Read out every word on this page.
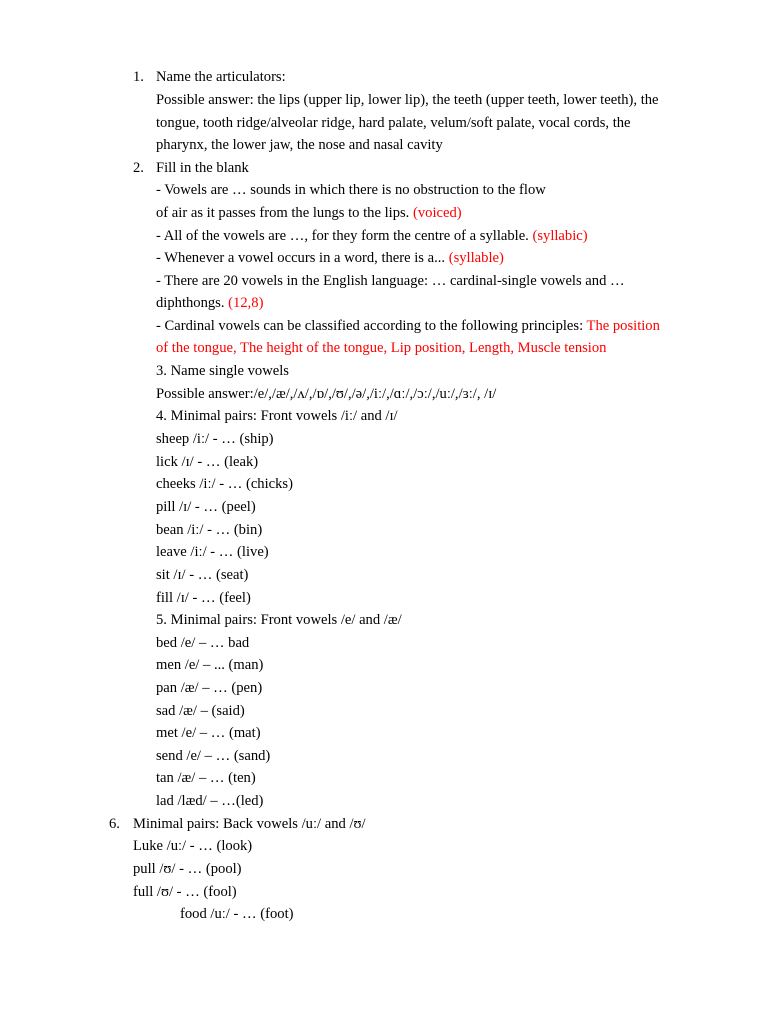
1. Name the articulators:
Possible answer: the lips (upper lip, lower lip), the teeth (upper teeth, lower teeth), the
tongue, tooth ridge/alveolar ridge, hard palate, velum/soft palate, vocal cords, the
pharynx, the lower jaw, the nose and nasal cavity
2. Fill in the blank
- Vowels are … sounds in which there is no obstruction to the flow
of air as it passes from the lungs to the lips. (voiced)
- All of the vowels are …, for they form the centre of a syllable. (syllabic)
- Whenever a vowel occurs in a word, there is a... (syllable)
- There are 20 vowels in the English language: … cardinal-single vowels and …
diphthongs. (12,8)
- Cardinal vowels can be classified according to the following principles: The position
of the tongue, The height of the tongue, Lip position, Length, Muscle tension
3. Name single vowels
Possible answer:/e/,/æ/,/ʌ/,/ɒ/,/ʊ/,/ə/,/iː/,/ɑː/,/ɔː/,/uː/,/ɜː/, /ɪ/
4. Minimal pairs: Front vowels /iː/ and /ɪ/
sheep /iː/ - … (ship)
lick /ɪ/ - … (leak)
cheeks /iː/ - … (chicks)
pill /ɪ/ - … (peel)
bean /iː/ - … (bin)
leave /iː/ - … (live)
sit /ɪ/ - … (seat)
fill /ɪ/ - … (feel)
5. Minimal pairs: Front vowels /e/ and /æ/
bed /e/ – … bad
men /e/ – ... (man)
pan /æ/ – … (pen)
sad /æ/ – (said)
met /e/ – … (mat)
send /e/ – … (sand)
tan /æ/ – … (ten)
lad /læd/ – …(led)
6. Minimal pairs: Back vowels /uː/ and /ʊ/
Luke /uː/ - … (look)
pull /ʊ/ - … (pool)
full /ʊ/ - … (fool)
food /uː/ - … (foot)
